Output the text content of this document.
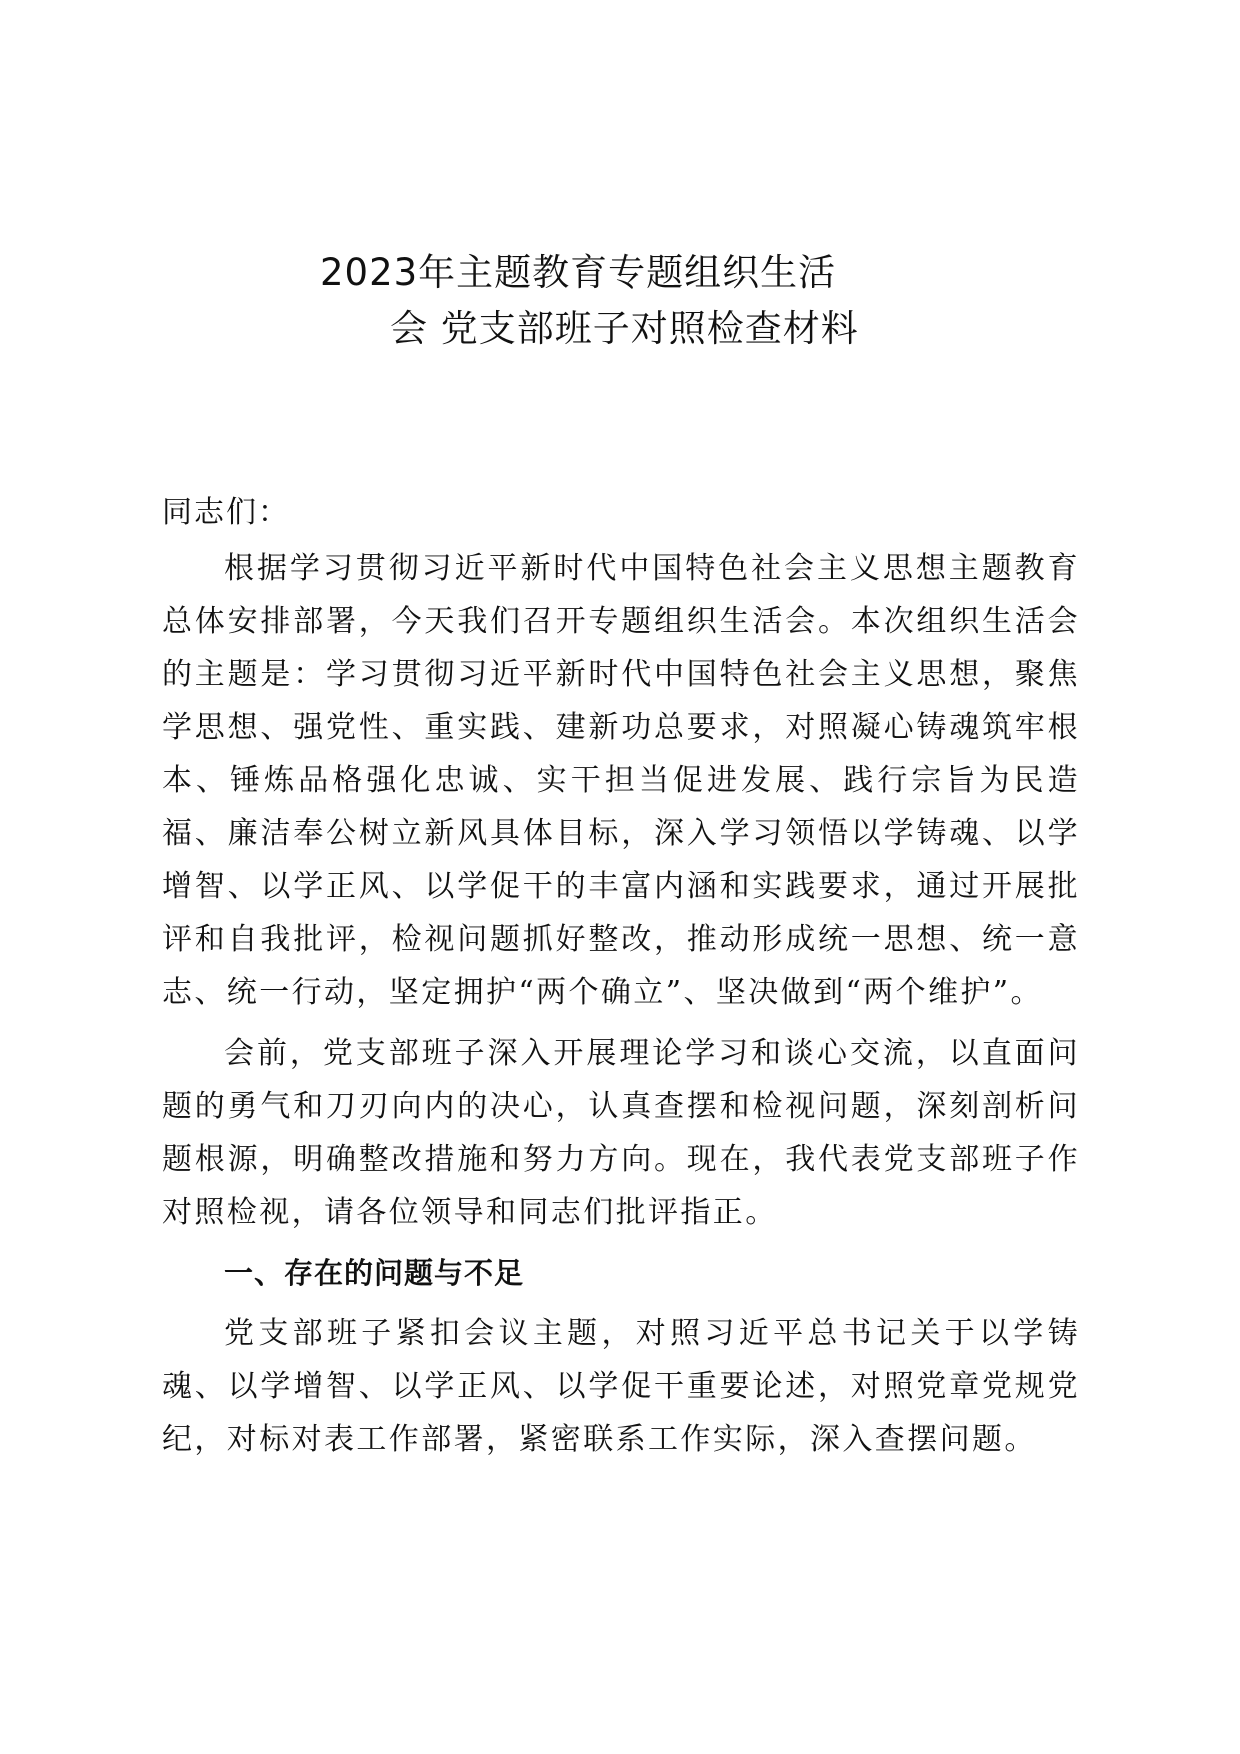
2023年主题教育专题组织生活
会 党支部班子对照检查材料
同志们：

根据学习贯彻习近平新时代中国特色社会主义思想主题教育总体安排部署，今天我们召开专题组织生活会。本次组织生活会的主题是：学习贯彻习近平新时代中国特色社会主义思想，聚焦学思想、强党性、重实践、建新功总要求，对照凝心铸魂筑牢根本、锤炼品格强化忠诚、实干担当促进发展、践行宗旨为民造福、廉洁奉公树立新风具体目标，深入学习领悟以学铸魂、以学增智、以学正风、以学促干的丰富内涵和实践要求，通过开展批评和自我批评，检视问题抓好整改，推动形成统一思想、统一意志、统一行动，坚定拥护“两个确立”、坚决做到“两个维护”。

会前，党支部班子深入开展理论学习和谈心交流，以直面问题的勇气和刀刃向内的决心，认真查摆和检视问题，深刻剖析问题根源，明确整改措施和努力方向。现在，我代表党支部班子作对照检视，请各位领导和同志们批评指正。

一、存在的问题与不足

党支部班子紧扣会议主题，对照习近平总书记关于以学铸魂、以学增智、以学正风、以学促干重要论述，对照党章党规党纪，对标对表工作部署，紧密联系工作实际，深入查摆问题。
